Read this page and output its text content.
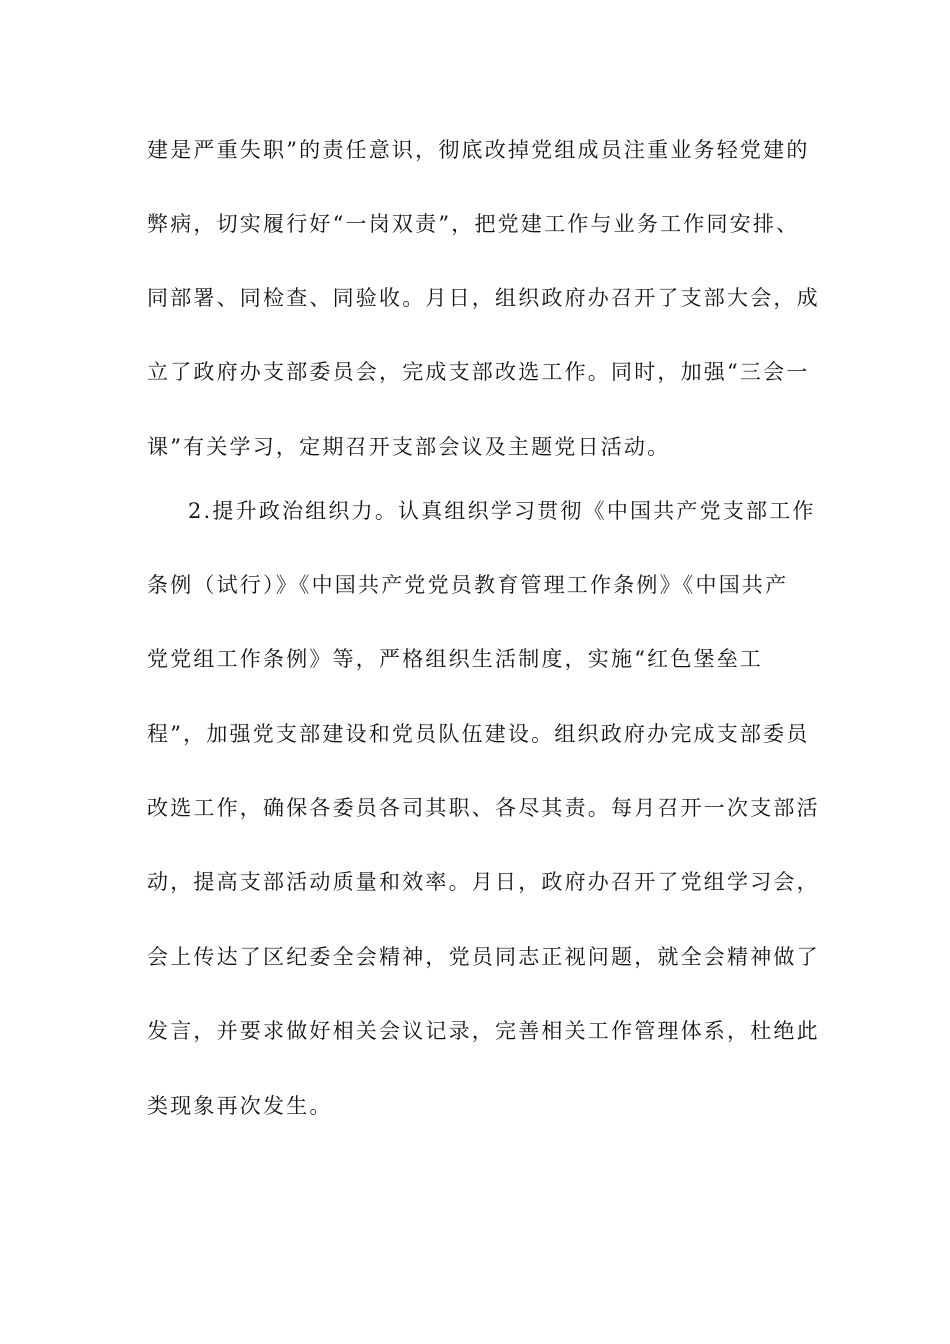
建是严重失职”的责任意识，彻底改掉党组成员注重业务轻党建的
弊病，切实履行好“一岗双责”，把党建工作与业务工作同安排、
同部署、同检查、同验收。月日，组织政府办召开了支部大会，成
立了政府办支部委员会，完成支部改选工作。同时，加强“三会一
课”有关学习，定期召开支部会议及主题党日活动。
2.提升政治组织力。认真组织学习贯彻《中国共产党支部工作
条例（试行）》《中国共产党党员教育管理工作条例》《中国共产
党党组工作条例》等，严格组织生活制度，实施“红色堡垒工
程”，加强党支部建设和党员队伍建设。组织政府办完成支部委员
改选工作，确保各委员各司其职、各尽其责。每月召开一次支部活
动，提高支部活动质量和效率。月日，政府办召开了党组学习会，
会上传达了区纪委全会精神，党员同志正视问题，就全会精神做了
发言，并要求做好相关会议记录，完善相关工作管理体系，杜绝此
类现象再次发生。
